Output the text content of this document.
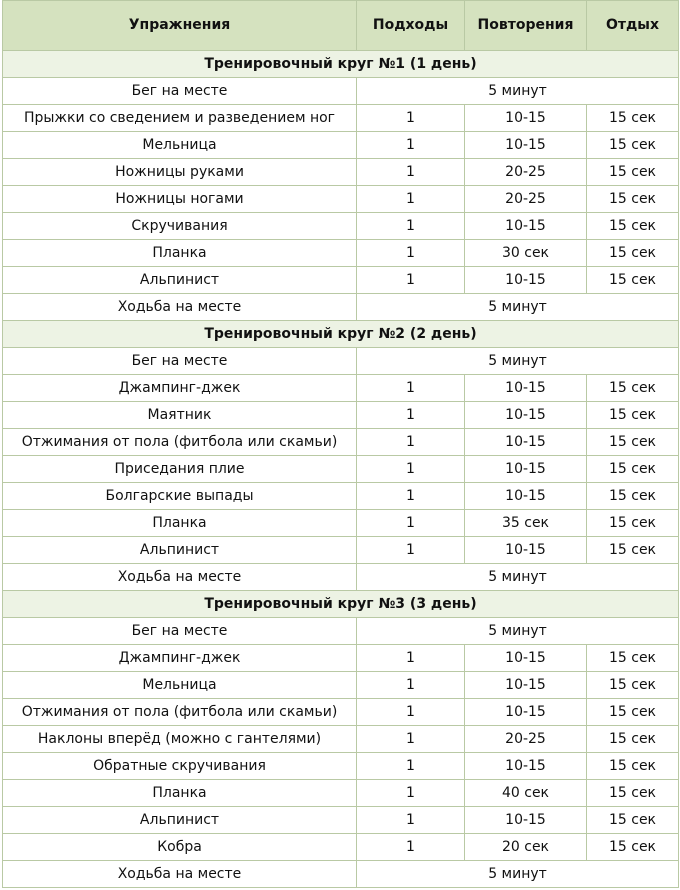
Упражнения	Подходы	Повторения	Отдых
Тренировочный круг №1 (1 день)			
Бег на месте	5 минут		
Прыжки со сведением и разведением ног	1	10-15	15 сек
Мельница	1	10-15	15 сек
Ножницы руками	1	20-25	15 сек
Ножницы ногами	1	20-25	15 сек
Скручивания	1	10-15	15 сек
Планка	1	30 сек	15 сек
Альпинист	1	10-15	15 сек
Ходьба на месте	5 минут		
Тренировочный круг №2 (2 день)			
Бег на месте	5 минут		
Джампинг-джек	1	10-15	15 сек
Маятник	1	10-15	15 сек
Отжимания от пола (фитбола или скамьи)	1	10-15	15 сек
Приседания плие	1	10-15	15 сек
Болгарские выпады	1	10-15	15 сек
Планка	1	35 сек	15 сек
Альпинист	1	10-15	15 сек
Ходьба на месте	5 минут		
Тренировочный круг №3 (3 день)			
Бег на месте	5 минут		
Джампинг-джек	1	10-15	15 сек
Мельница	1	10-15	15 сек
Отжимания от пола (фитбола или скамьи)	1	10-15	15 сек
Наклоны вперёд (можно с гантелями)	1	20-25	15 сек
Обратные скручивания	1	10-15	15 сек
Планка	1	40 сек	15 сек
Альпинист	1	10-15	15 сек
Кобра	1	20 сек	15 сек
Ходьба на месте	5 минут		
